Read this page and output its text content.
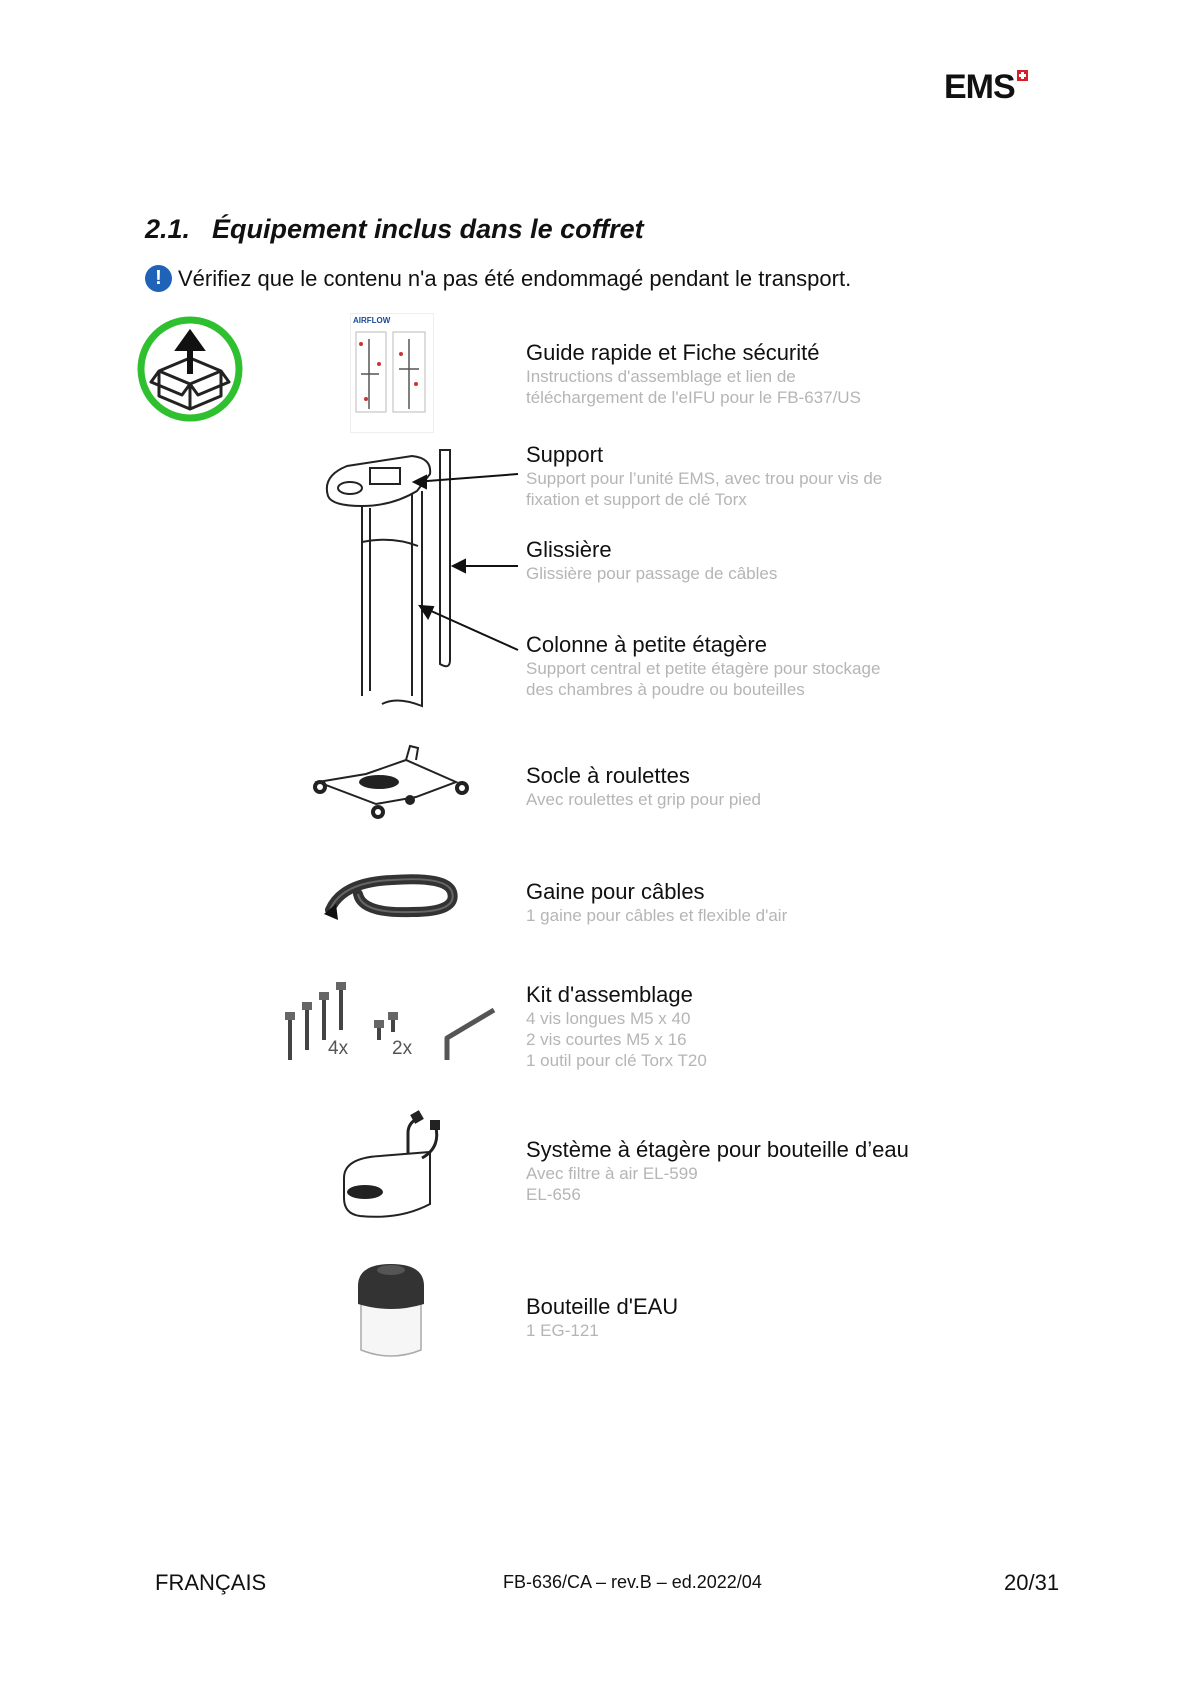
EMS
2.1. Équipement inclus dans le coffret
! Vérifiez que le contenu n'a pas été endommagé pendant le transport.
AIRFLOW
4x 2x
Guide rapide et Fiche sécurité
Instructions d'assemblage et lien de
téléchargement de l'eIFU pour le FB-637/US
Support
Support pour l’unité EMS, avec trou pour vis de
fixation et support de clé Torx
Glissière
Glissière pour passage de câbles
Colonne à petite étagère
Support central et petite étagère pour stockage
des chambres à poudre ou bouteilles
Socle à roulettes
Avec roulettes et grip pour pied
Gaine pour câbles
1 gaine pour câbles et flexible d'air
Kit d'assemblage
4 vis longues M5 x 40
2 vis courtes M5 x 16
1 outil pour clé Torx T20
Système à étagère pour bouteille d’eau
Avec filtre à air EL-599
EL-656
Bouteille d'EAU
1 EG-121
FRANÇAIS	FB-636/CA – rev.B – ed.2022/04	20/31
